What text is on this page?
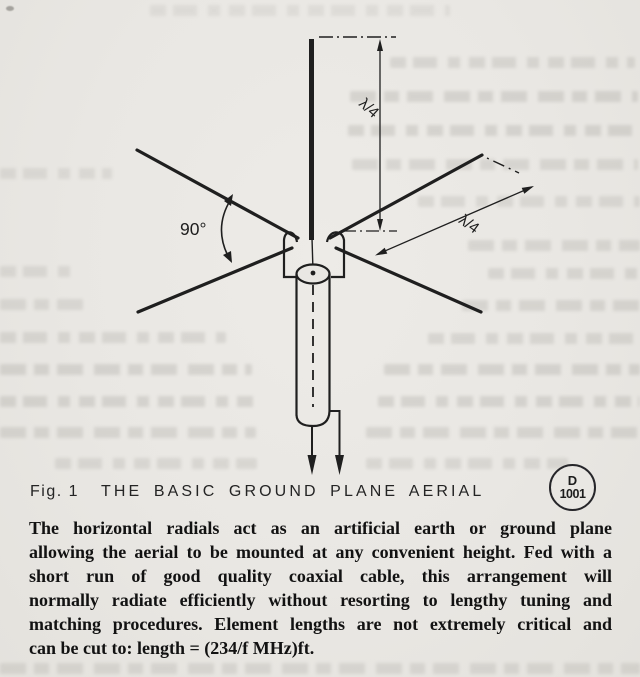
λ/4
λ/4
90°
Fig. 1 THE BASIC GROUND PLANE AERIAL
D
1001
The horizontal radials act as an artificial earth or ground plane
allowing the aerial to be mounted at any convenient height. Fed with a
short run of good quality coaxial cable, this arrangement will
normally radiate efficiently without resorting to lengthy tuning and
matching procedures. Element lengths are not extremely critical and
can be cut to: length = (234/f MHz)ft.
